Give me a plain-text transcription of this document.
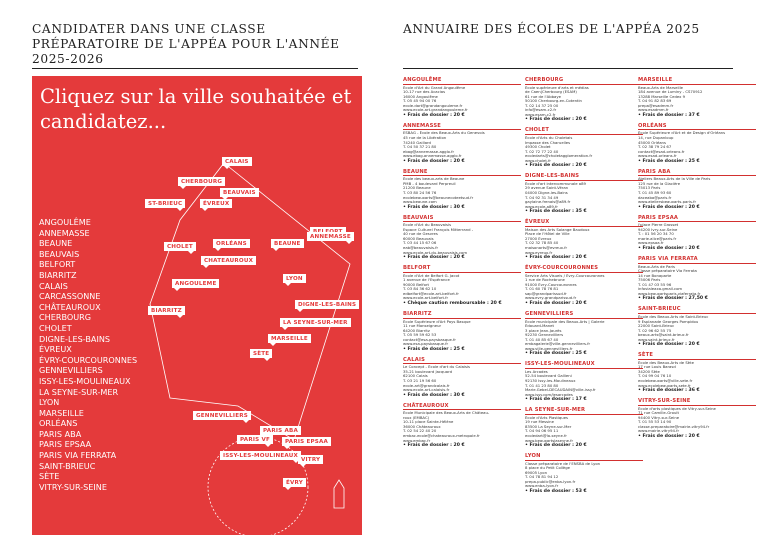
CANDIDATER DANS UNE CLASSE PRÉPARATOIRE DE L'APPÉA POUR L'ANNÉE 2025-2026
ANNUAIRE DES ÉCOLES DE L'APPÉA 2025

Cliquez sur la ville souhaitée et candidatez...

ANGOULÊME
ANNEMASSE
BEAUNE
BEAUVAIS
BELFORT
BIARRITZ
CALAIS
CARCASSONNE
CHÂTEAUROUX
CHERBOURG
CHOLET
DIGNE-LES-BAINS
ÉVREUX
ÉVRY-COURCOURONNES
GENNEVILLIERS
ISSY-LES-MOULINEAUX
LA SEYNE-SUR-MER
LYON
MARSEILLE
ORLÉANS
PARIS ABA
PARIS EPSAA
PARIS VIA FERRATA
SAINT-BRIEUC
SÈTE
VITRY-SUR-SEINE
CALAIS
CHERBOURG
BEAUVAIS
ST-BRIEUC	ÉVREUX
CHOLET	ORLÉANS	BEAUNE
CHATEAUROUX
ANNEMASSE
LYON
ANGOULEME
DIGNE-LES-BAINS
BIARRITZ
LA SEYNE-SUR-MER
MARSEILLE
SÈTE
GENNEVILLIERS
PARIS ABA
PARIS VF	PARIS EPSAA
ISSY-LES-MOULINEAUX
VITRY
ÉVRY
ANGOULÊME
École d'Art du Grand Angoulême
10-17 rue des Acacias
16000 Angoulême
T. 05 45 94 00 76
ecole.dart@grandangouleme.fr
www.ecole-art.grandangouleme.fr
• Frais de dossier : 20 €
ANNEMASSE
ESBAG - École des Beaux-Arts du Genevois
45 rue de la Libération
74240 Gaillard
T. 04 50 37 21 80
ebag@annemasse-agglo.fr
www.ebag.annemasse-agglo.fr
• Frais de dossier : 20 €
BEAUNE
École des beaux-arts de Beaune
PMB - 4 boulevard Perpreuil
21200 Beaune
T. 03 80 24 56 76
ecolebeauxarts@beaunecoteetsud.fr
www.beaune.com
• Frais de dossier : 30 €
BEAUVAIS
École d'Art du Beauvaisis
Espace Culturel François Mitterrand -
40 rue de Gesvres
60000 Beauvais
T. 03 44 15 67 06
eab@beauvaisis.fr
www.ecole-art-du-beauvaisis.com
• Frais de dossier : 20 €
BELFORT
École d'Art de Belfort G. Jacot
1 avenue de l'Espérance
90000 Belfort
T. 03 84 36 62 10
edbelfort@ecole-art-belfort.fr
www.ecole-art-belfort.fr
• Chèque caution remboursable : 20 €
BIARRITZ
École Supérieure d'Art Pays Basque
11 rue Monseigneur
64200 Biarritz
T. 05 59 59 62 53
contact@esa-paysbasque.fr
www.esa-paysbasque.fr
• Frais de dossier : 25 €
CALAIS
Le Concept - École d'art du Calaisis
35-21 boulevard Jacquard
62100 Calais
T. 03 21 19 56 60
ecole-art@grandcalais.fr
www.ecole-art-calaisis.fr
• Frais de dossier : 30 €
CHÂTEAUROUX
École Municipale des Beaux-Arts de Château-
roux (EMBAC)
10-11 place Sainte-Hélène
36000 Châteauroux
T. 02 54 22 40 20
embac.ecole@chateauroux-metropole.fr
www.embac.fr
• Frais de dossier : 20 €
CHERBOURG
École supérieure d'arts et médias
de Caen|Cherbourg (ESAM)
61 rue de l'Abbaye
50100 Cherbourg-en-Cotentin
T. 02 14 37 25 00
info@esam-c2.fr
www.esam-c2.fr
• Frais de dossier : 20 €
CHOLET
École d'Arts du Choletais
Impasse des Charuelles
49300 Cholet
T. 02 72 77 22 40
ecoledarts@choletagglomeration.fr
www.cholet.fr
• Frais de dossier : 20 €
DIGNE-LES-BAINS
École d'art intercommunale a89
29 avenue Saint-Véran
04000 Digne-les-Bains
T. 04 92 31 34 49
gaylaine.frenais@a89.fr
www.ecole-a89.fr
• Frais de dossier : 35 €
ÉVREUX
Maison des Arts Solange Baudoux
Place de l'Hôtel de Ville
27000 Évreux
T. 02 32 78 85 40
maisonarts@evreux.fr
www.evreux.fr
• Frais de dossier : 20 €
ÉVRY-COURCOURONNES
Service Arts Visuels / Évry-Courcouronnes
1 rue de Rochebrune
91000 Évry-Courcouronnes
T. 01 60 78 76 81
sap@grandparissud.fr
www.evry-grandparissud.fr
• Frais de dossier : 20 €
GENNEVILLIERS
École municipale des Beaux-Arts | Galerie
Édouard-Manet
3 place Jean-Jaurès
92230 Gennevilliers
T. 01 40 85 67 40
embagalerie@ville-gennevilliers.fr
www.ville-gennevilliers.fr
• Frais de dossier : 25 €
ISSY-LES-MOULINEAUX
Les Arcades
52-54 boulevard Gallieni
92130 Issy-les-Moulineaux
T. 01 41 23 80 80
Marie.Gebel-DECAUDAIN@ville-issy.fr
www.issy.com/lesarcades
• Frais de dossier : 17 €
LA SEYNE-SUR-MER
École d'Arts Plastiques
19 rue Messine
83500 La Seyne-sur-Mer
T. 04 94 06 95 11
ecoledart@la-seyne.fr
www.beauxartslaseyne.fr
• Frais de dossier : 20 €
LYON
Classe préparatoire de l'ENSBA de Lyon
8 place du Petit Collège
69005 Lyon
T. 04 78 81 94 12
prepa.public@enba-lyon.fr
www.enba-lyon.fr
• Frais de dossier : 53 €
MARSEILLE
Beaux-Arts de Marseille
184 avenue de Luminy - CS70912
13288 Marseille Cedex 9
T. 04 91 82 83 69
prepa@esadmm.fr
www.esadmm.fr
• Frais de dossier : 37 €
ORLÉANS
École Supérieure d'Art et de Design d'Orléans
14, rue Dupanloup
45000 Orléans
T. 02 38 79 24 67
contact@esad-orleans.fr
www.esad-orleans.fr
• Frais de dossier : 25 €
PARIS ABA
Ateliers Beaux-Arts de la Ville de Paris
125 rue de la Glacière
75013 Paris
T. 01 45 89 93 60
daceaba@paris.fr
www.ateliersbeauxarts.paris.fr
• Frais de dossier : 20 €
PARIS EPSAA
l'place Pierre Grosset
94200 Ivry-sur-Seine
T. : 01 56 20 34 70
marie.alice@paris.fr
www.epsaa.fr
• Frais de dossier : 20 €
PARIS VIA FERRATA
Beaux-Arts de Paris
Classe préparatoire Via Ferrata
14 rue Bonaparte
75006 Paris
T. 01 47 03 55 96
infovialeaxa.gmail.com
www.beauxartsparis.viaferrata.fr
• Frais de dossier : 27,50 €
SAINT-BRIEUC
École des Beaux-Arts de Saint-Brieuc
9 Esplanade Georges Pompidou
22000 Saint-Brieuc
T. 02 96 62 55 75
beaux-arts@saint-brieuc.fr
www.saint-brieuc.fr
• Frais de dossier : 20 €
SÈTE
École des Beaux-Arts de Sète
17 rue Louis Barasd
34200 Sète
T. 04 99 04 76 10
ecolebeauxarts@ville-sete.fr
www.ecolebeauxarts.sete.fr
• Frais de dossier : 36 €
VITRY-SUR-SEINE
École d'arts plastiques de Vitry-sur-Seine
71 rue Camille-Groult
94400 Vitry-sur-Seine
T. 01 55 53 14 90
classe.preparatoire@mairie-vitry94.fr
www.mairie-vitry94.fr
• Frais de dossier : 20 €
